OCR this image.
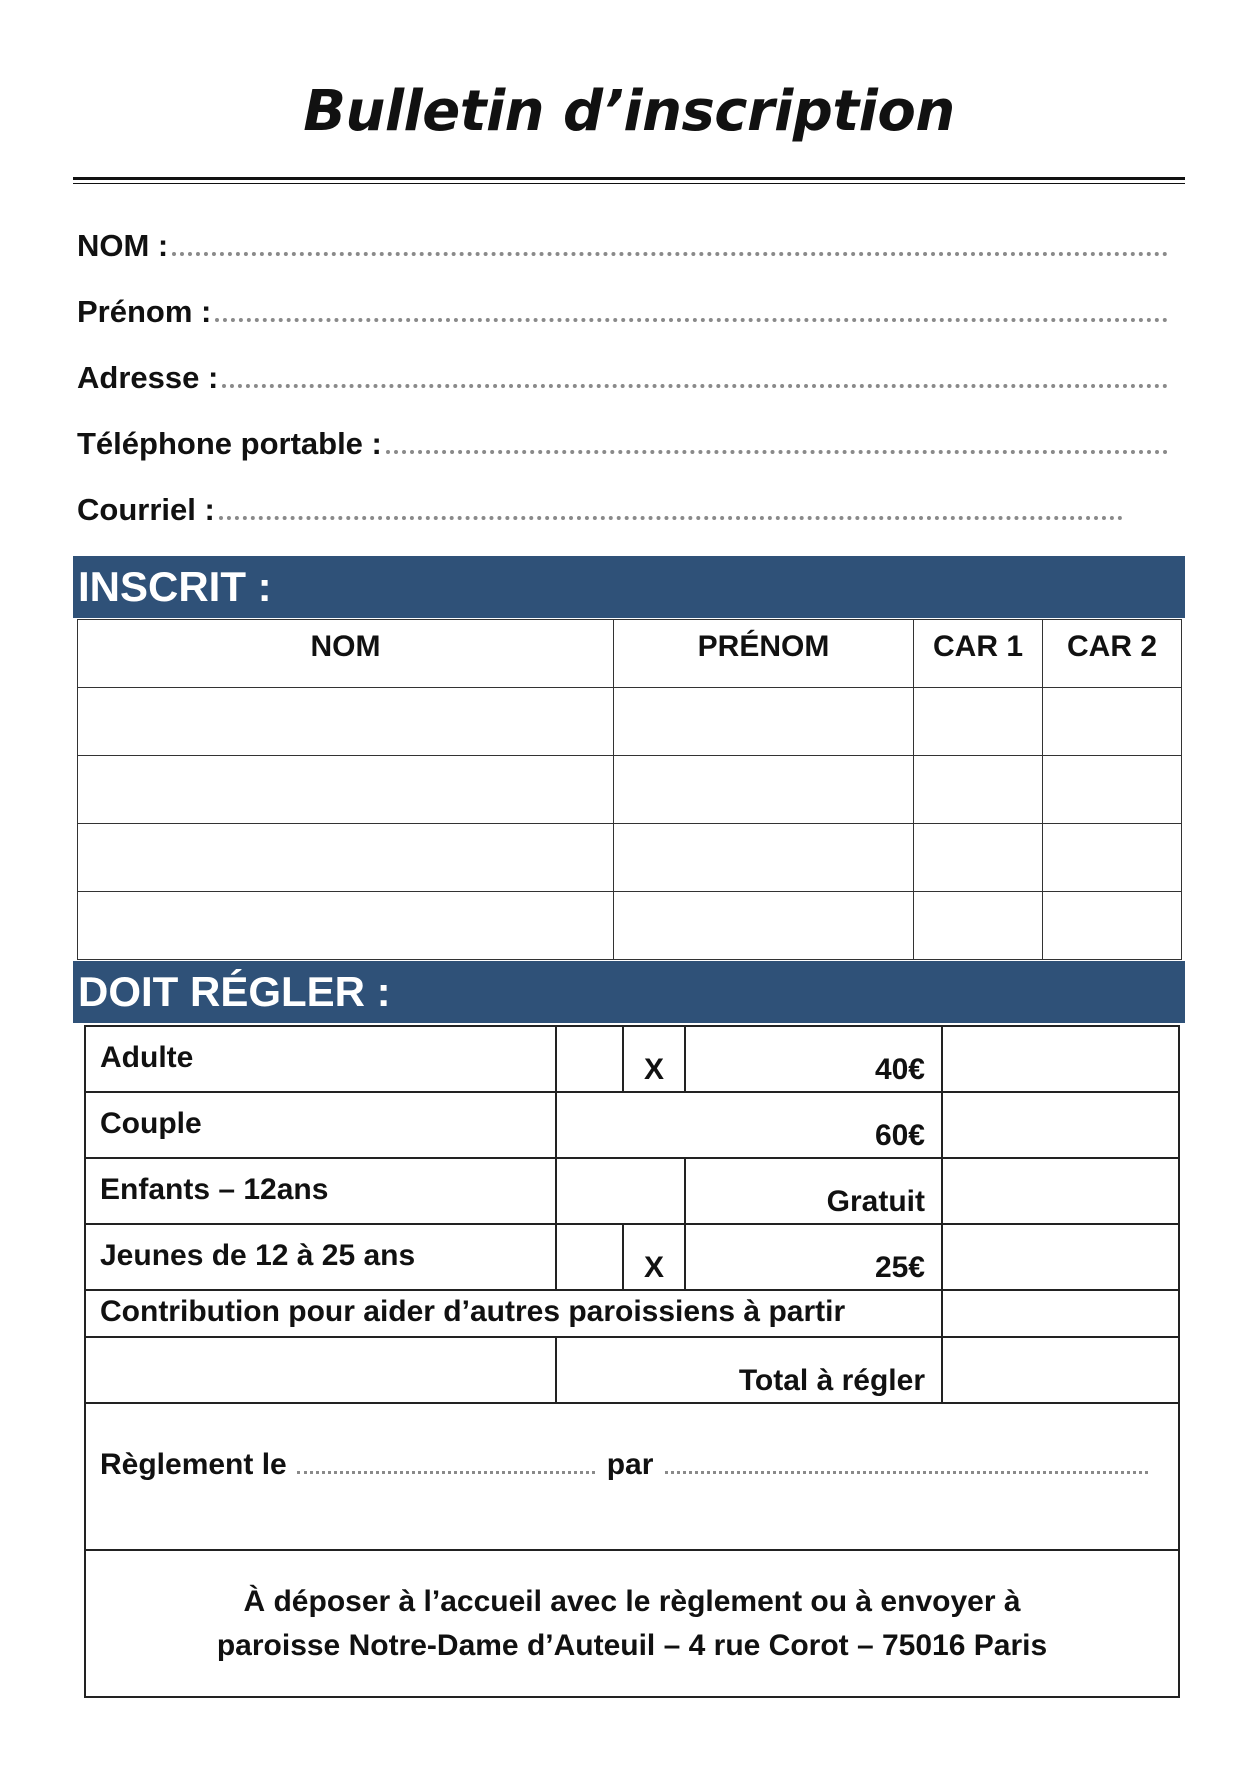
Bulletin d’inscription
NOM :
Prénom :
Adresse :
Téléphone portable :
Courriel :
INSCRIT :
NOM	PRÉNOM	CAR 1	CAR 2

DOIT RÉGLER :
Adulte		X	40€	
Couple	60€			
Enfants – 12ans			Gratuit	
Jeunes de 12 à 25 ans		X	25€	
Contribution pour aider d’autres paroissiens à partir				
	Total à régler			

Règlement le par				

À déposer à l’accueil avec le règlement ou à envoyer à
paroisse Notre-Dame d’Auteuil – 4 rue Corot – 75016 Paris				
